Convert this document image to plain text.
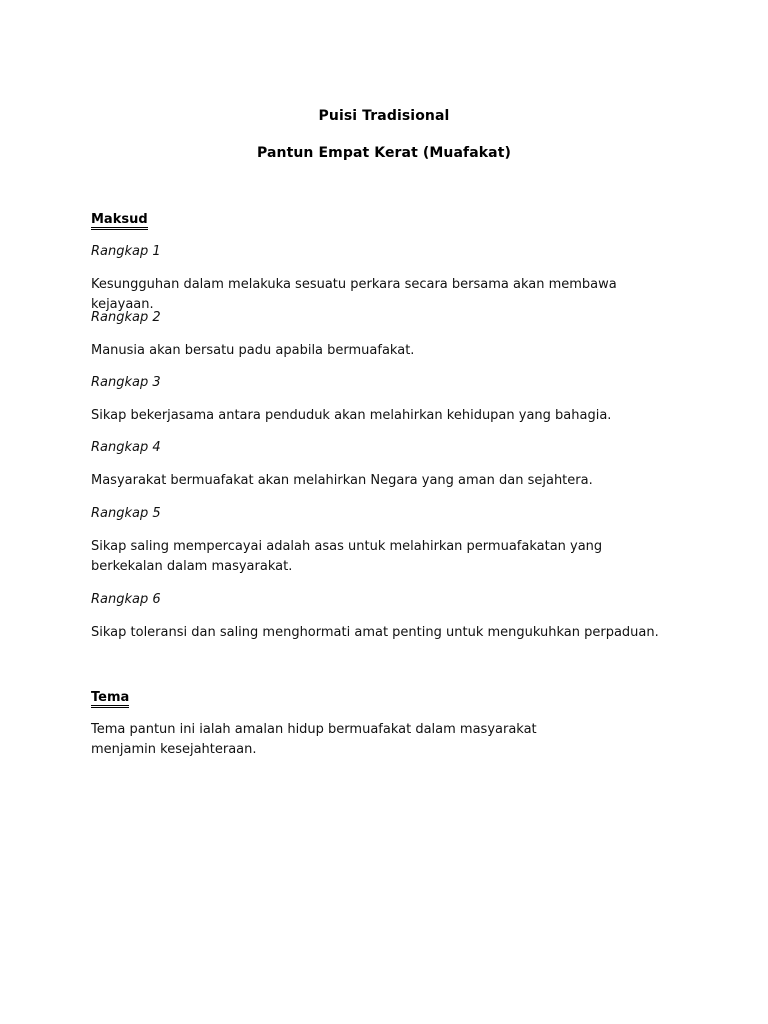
Puisi Tradisional
Pantun Empat Kerat (Muafakat)
Maksud
Rangkap 1
Kesungguhan dalam melakuka sesuatu perkara secara bersama akan membawa kejayaan.
Rangkap 2
Manusia akan bersatu padu apabila bermuafakat.
Rangkap 3
Sikap bekerjasama antara penduduk akan melahirkan kehidupan yang bahagia.
Rangkap 4
Masyarakat bermuafakat akan melahirkan Negara yang aman dan sejahtera.
Rangkap 5
Sikap saling mempercayai adalah asas untuk melahirkan permuafakatan yang berkekalan dalam masyarakat.
Rangkap 6
Sikap toleransi dan saling menghormati amat penting untuk mengukuhkan perpaduan.
Tema
Tema pantun ini ialah amalan hidup bermuafakat dalam masyarakat menjamin kesejahteraan.
